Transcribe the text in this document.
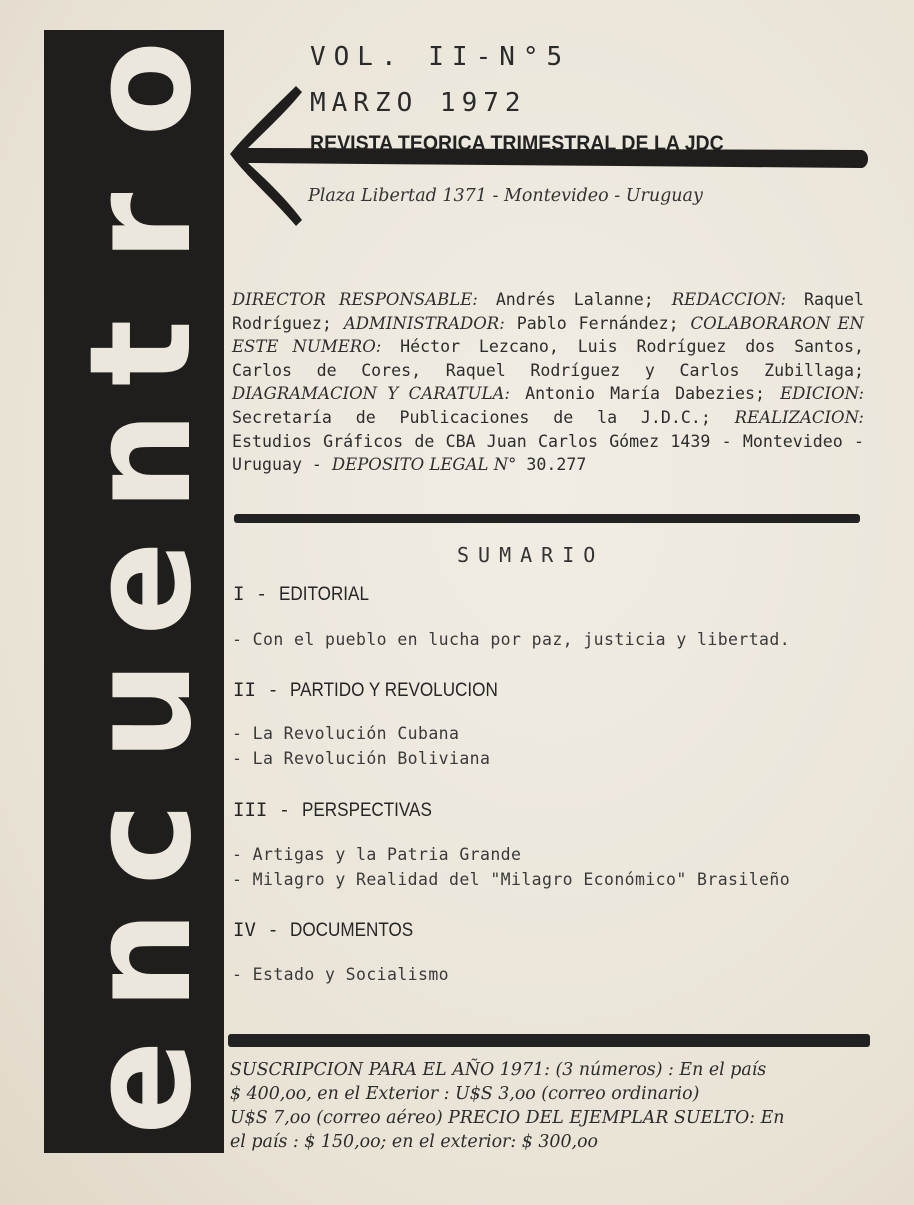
e
n
c
u
e
n
t
r
o	VOL. II-N°5
MARZO 1972
REVISTA TEORICA TRIMESTRAL DE LA JDC
Plaza Libertad 1371 - Montevideo - Uruguay
DIRECTOR RESPONSABLE: Andrés Lalanne; REDACCION: Raquel Rodríguez; ADMINISTRADOR: Pablo Fernández; COLABORARON EN ESTE NUMERO: Héctor Lezcano, Luis Rodríguez dos Santos, Carlos de Cores, Raquel Rodríguez y Carlos Zubillaga; DIAGRAMACION Y CARATULA: Antonio María Dabezies; EDICION: Secretaría de Publicaciones de la J.D.C.; REALIZACION: Estudios Gráficos de CBA Juan Carlos Gómez 1439 - Montevideo - Uruguay - DEPOSITO LEGAL N° 30.277
SUMARIO
I - EDITORIAL
- Con el pueblo en lucha por paz, justicia y libertad.
II - PARTIDO Y REVOLUCION
- La Revolución Cubana
- La Revolución Boliviana
III - PERSPECTIVAS
- Artigas y la Patria Grande
- Milagro y Realidad del "Milagro Económico" Brasileño
IV - DOCUMENTOS
- Estado y Socialismo
SUSCRIPCION PARA EL AÑO 1971: (3 números) : En el país
$ 400,oo, en el Exterior : U$S 3,oo (correo ordinario)
U$S 7,oo (correo aéreo) PRECIO DEL EJEMPLAR SUELTO: En
el país : $ 150,oo; en el exterior: $ 300,oo
